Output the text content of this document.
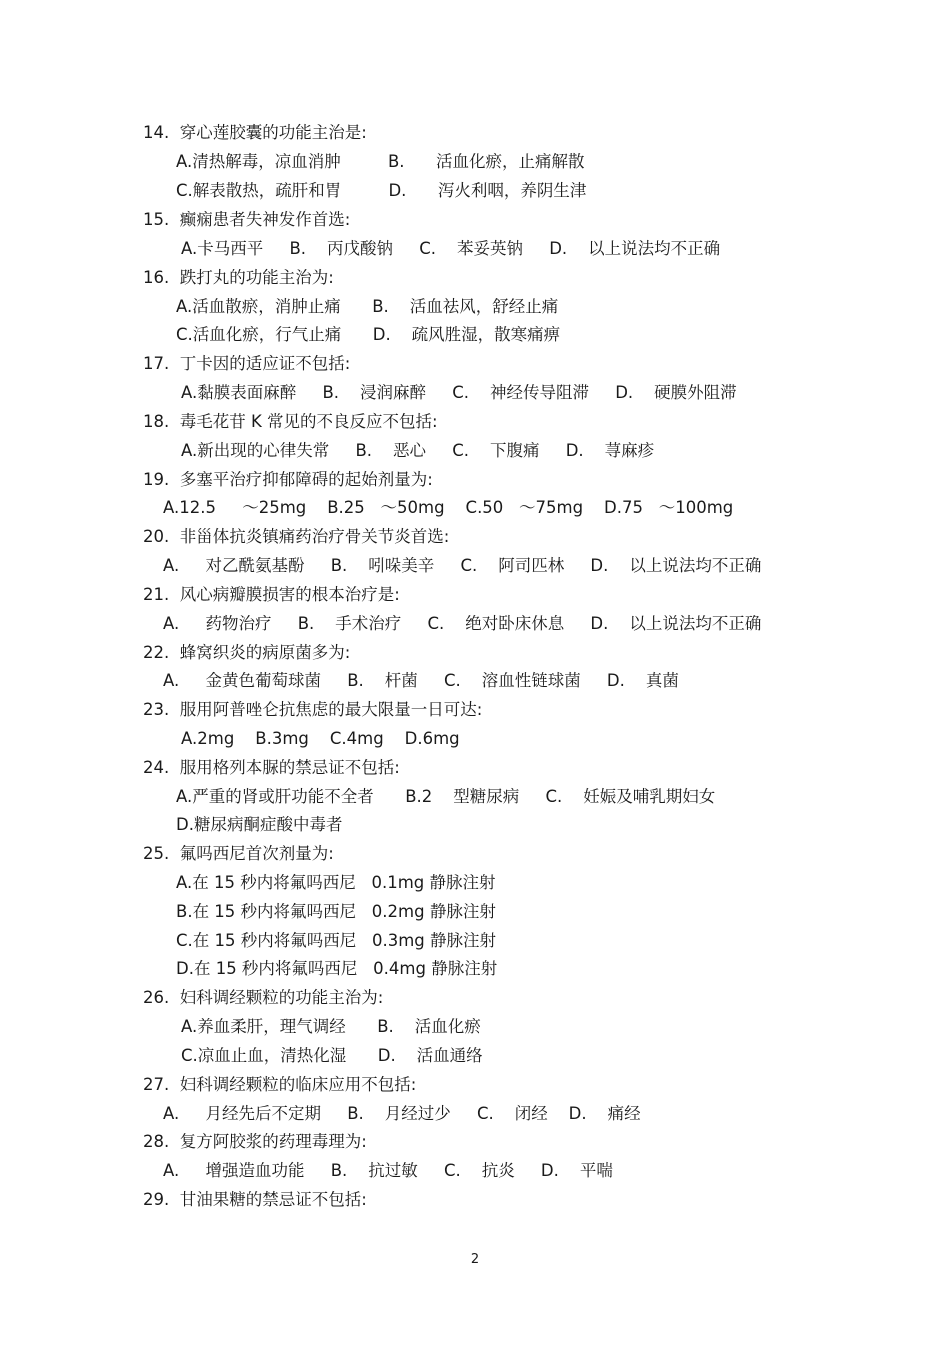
14.  穿心莲胶囊的功能主治是:
A.清热解毒，凉血消肿         B.      活血化瘀，止痛解散
C.解表散热，疏肝和胃         D.      泻火利咽，养阴生津
15.  癫痫患者失神发作首选:
A.卡马西平     B.    丙戊酸钠     C.    苯妥英钠     D.    以上说法均不正确
16.  跌打丸的功能主治为:
A.活血散瘀，消肿止痛      B.    活血祛风，舒经止痛
C.活血化瘀，行气止痛      D.    疏风胜湿，散寒痛痹
17.  丁卡因的适应证不包括:
A.黏膜表面麻醉     B.    浸润麻醉     C.    神经传导阻滞     D.    硬膜外阻滞
18.  毒毛花苷 K 常见的不良反应不包括:
A.新出现的心律失常     B.    恶心     C.    下腹痛     D.    荨麻疹
19.  多塞平治疗抑郁障碍的起始剂量为:
A.12.5     ～25mg    B.25   ～50mg    C.50   ～75mg    D.75   ～100mg
20.  非甾体抗炎镇痛药治疗骨关节炎首选:
A.     对乙酰氨基酚     B.    吲哚美辛     C.    阿司匹林     D.    以上说法均不正确
21.  风心病瓣膜损害的根本治疗是:
A.     药物治疗     B.    手术治疗     C.    绝对卧床休息     D.    以上说法均不正确
22.  蜂窝织炎的病原菌多为:
A.     金黄色葡萄球菌     B.    杆菌     C.    溶血性链球菌     D.    真菌
23.  服用阿普唑仑抗焦虑的最大限量一日可达:
A.2mg    B.3mg    C.4mg    D.6mg
24.  服用格列本脲的禁忌证不包括:
A.严重的肾或肝功能不全者      B.2    型糖尿病     C.    妊娠及哺乳期妇女
D.糖尿病酮症酸中毒者
25.  氟吗西尼首次剂量为:
A.在 15 秒内将氟吗西尼   0.1mg 静脉注射
B.在 15 秒内将氟吗西尼   0.2mg 静脉注射
C.在 15 秒内将氟吗西尼   0.3mg 静脉注射
D.在 15 秒内将氟吗西尼   0.4mg 静脉注射
26.  妇科调经颗粒的功能主治为:
A.养血柔肝，理气调经      B.    活血化瘀
C.凉血止血，清热化湿      D.    活血通络
27.  妇科调经颗粒的临床应用不包括:
A.     月经先后不定期     B.    月经过少     C.    闭经    D.    痛经
28.  复方阿胶浆的药理毒理为:
A.     增强造血功能     B.    抗过敏     C.    抗炎     D.    平喘
29.  甘油果糖的禁忌证不包括:
2
